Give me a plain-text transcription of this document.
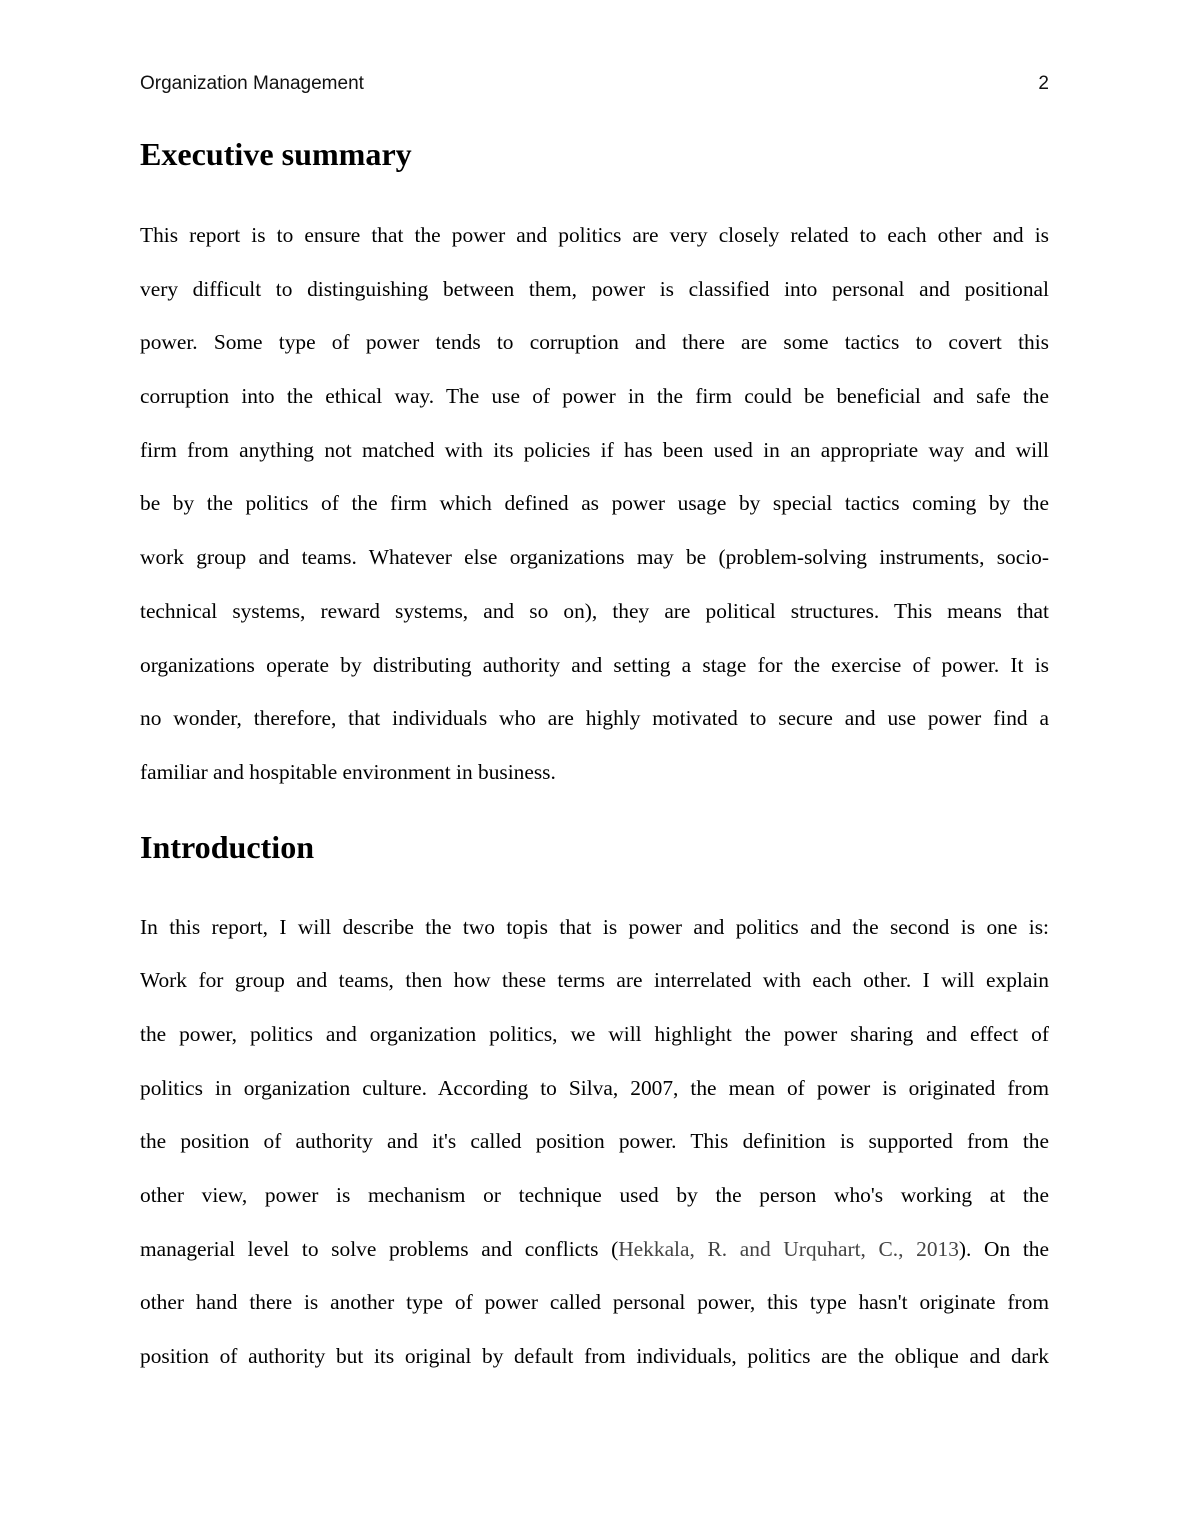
Organization Management	2
Executive summary
This report is to ensure that the power and politics are very closely related to each other and is
very difficult to distinguishing between them, power is classified into personal and positional
power. Some type of power tends to corruption and there are some tactics to covert this
corruption into the ethical way. The use of power in the firm could be beneficial and safe the
firm from anything not matched with its policies if has been used in an appropriate way and will
be by the politics of the firm which defined as power usage by special tactics coming by the
work group and teams. Whatever else organizations may be (problem-solving instruments, socio-
technical systems, reward systems, and so on), they are political structures. This means that
organizations operate by distributing authority and setting a stage for the exercise of power. It is
no wonder, therefore, that individuals who are highly motivated to secure and use power find a
familiar and hospitable environment in business.
Introduction
In this report, I will describe the two topis that is power and politics and the second is one is:
Work for group and teams, then how these terms are interrelated with each other. I will explain
the power, politics and organization politics, we will highlight the power sharing and effect of
politics in organization culture. According to Silva, 2007, the mean of power is originated from
the position of authority and it's called position power. This definition is supported from the
other view, power is mechanism or technique used by the person who's working at the
managerial level to solve problems and conflicts (Hekkala, R. and Urquhart, C., 2013). On the
other hand there is another type of power called personal power, this type hasn't originate from
position of authority but its original by default from individuals, politics are the oblique and dark
